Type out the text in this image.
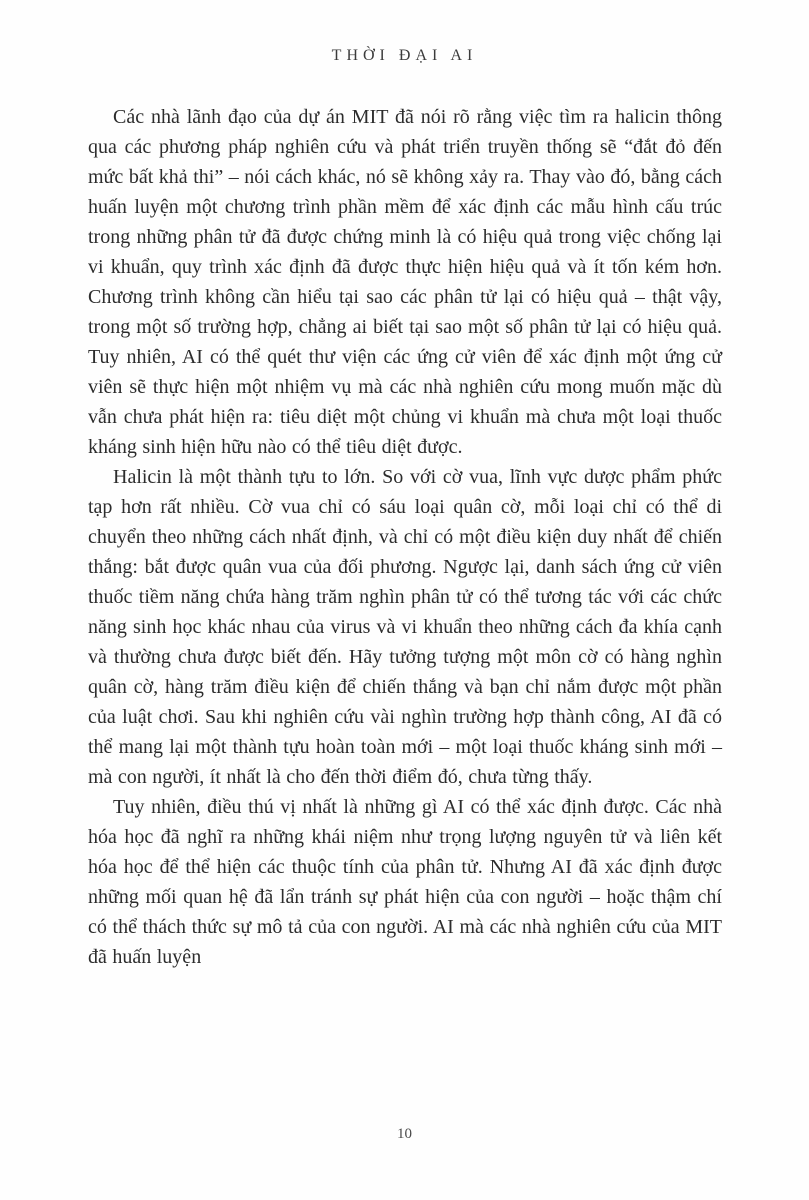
THỜI ĐẠI AI

Các nhà lãnh đạo của dự án MIT đã nói rõ rằng việc tìm ra halicin thông qua các phương pháp nghiên cứu và phát triển truyền thống sẽ “đắt đỏ đến mức bất khả thi” – nói cách khác, nó sẽ không xảy ra. Thay vào đó, bằng cách huấn luyện một chương trình phần mềm để xác định các mẫu hình cấu trúc trong những phân tử đã được chứng minh là có hiệu quả trong việc chống lại vi khuẩn, quy trình xác định đã được thực hiện hiệu quả và ít tốn kém hơn. Chương trình không cần hiểu tại sao các phân tử lại có hiệu quả – thật vậy, trong một số trường hợp, chẳng ai biết tại sao một số phân tử lại có hiệu quả. Tuy nhiên, AI có thể quét thư viện các ứng cử viên để xác định một ứng cử viên sẽ thực hiện một nhiệm vụ mà các nhà nghiên cứu mong muốn mặc dù vẫn chưa phát hiện ra: tiêu diệt một chủng vi khuẩn mà chưa một loại thuốc kháng sinh hiện hữu nào có thể tiêu diệt được.

Halicin là một thành tựu to lớn. So với cờ vua, lĩnh vực dược phẩm phức tạp hơn rất nhiều. Cờ vua chỉ có sáu loại quân cờ, mỗi loại chỉ có thể di chuyển theo những cách nhất định, và chỉ có một điều kiện duy nhất để chiến thắng: bắt được quân vua của đối phương. Ngược lại, danh sách ứng cử viên thuốc tiềm năng chứa hàng trăm nghìn phân tử có thể tương tác với các chức năng sinh học khác nhau của virus và vi khuẩn theo những cách đa khía cạnh và thường chưa được biết đến. Hãy tưởng tượng một môn cờ có hàng nghìn quân cờ, hàng trăm điều kiện để chiến thắng và bạn chỉ nắm được một phần của luật chơi. Sau khi nghiên cứu vài nghìn trường hợp thành công, AI đã có thể mang lại một thành tựu hoàn toàn mới – một loại thuốc kháng sinh mới – mà con người, ít nhất là cho đến thời điểm đó, chưa từng thấy.

Tuy nhiên, điều thú vị nhất là những gì AI có thể xác định được. Các nhà hóa học đã nghĩ ra những khái niệm như trọng lượng nguyên tử và liên kết hóa học để thể hiện các thuộc tính của phân tử. Nhưng AI đã xác định được những mối quan hệ đã lẩn tránh sự phát hiện của con người – hoặc thậm chí có thể thách thức sự mô tả của con người. AI mà các nhà nghiên cứu của MIT đã huấn luyện

10
